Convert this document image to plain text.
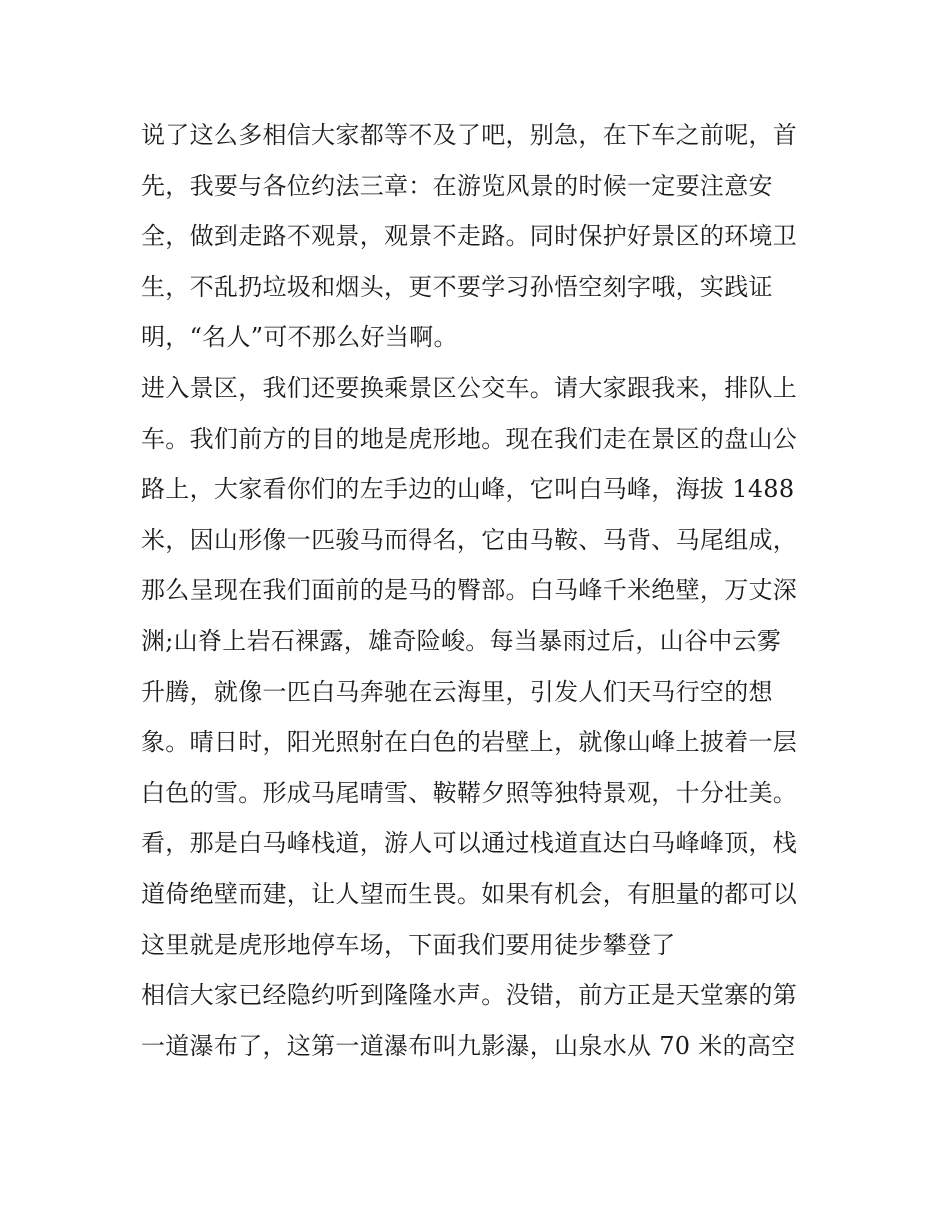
说了这么多相信大家都等不及了吧，别急，在下车之前呢，首
先，我要与各位约法三章：在游览风景的时候一定要注意安
全，做到走路不观景，观景不走路。同时保护好景区的环境卫
生，不乱扔垃圾和烟头，更不要学习孙悟空刻字哦，实践证
明，“名人”可不那么好当啊。
进入景区，我们还要换乘景区公交车。请大家跟我来，排队上
车。我们前方的目的地是虎形地。现在我们走在景区的盘山公
路上，大家看你们的左手边的山峰，它叫白马峰，海拔 1488
米，因山形像一匹骏马而得名，它由马鞍、马背、马尾组成，
那么呈现在我们面前的是马的臀部。白马峰千米绝壁，万丈深
渊;山脊上岩石裸露，雄奇险峻。每当暴雨过后，山谷中云雾
升腾，就像一匹白马奔驰在云海里，引发人们天马行空的想
象。晴日时，阳光照射在白色的岩壁上，就像山峰上披着一层
白色的雪。形成马尾晴雪、鞍鞯夕照等独特景观，十分壮美。
看，那是白马峰栈道，游人可以通过栈道直达白马峰峰顶，栈
道倚绝壁而建，让人望而生畏。如果有机会，有胆量的都可以
这里就是虎形地停车场，下面我们要用徒步攀登了
相信大家已经隐约听到隆隆水声。没错，前方正是天堂寨的第
一道瀑布了，这第一道瀑布叫九影瀑，山泉水从 70 米的高空
